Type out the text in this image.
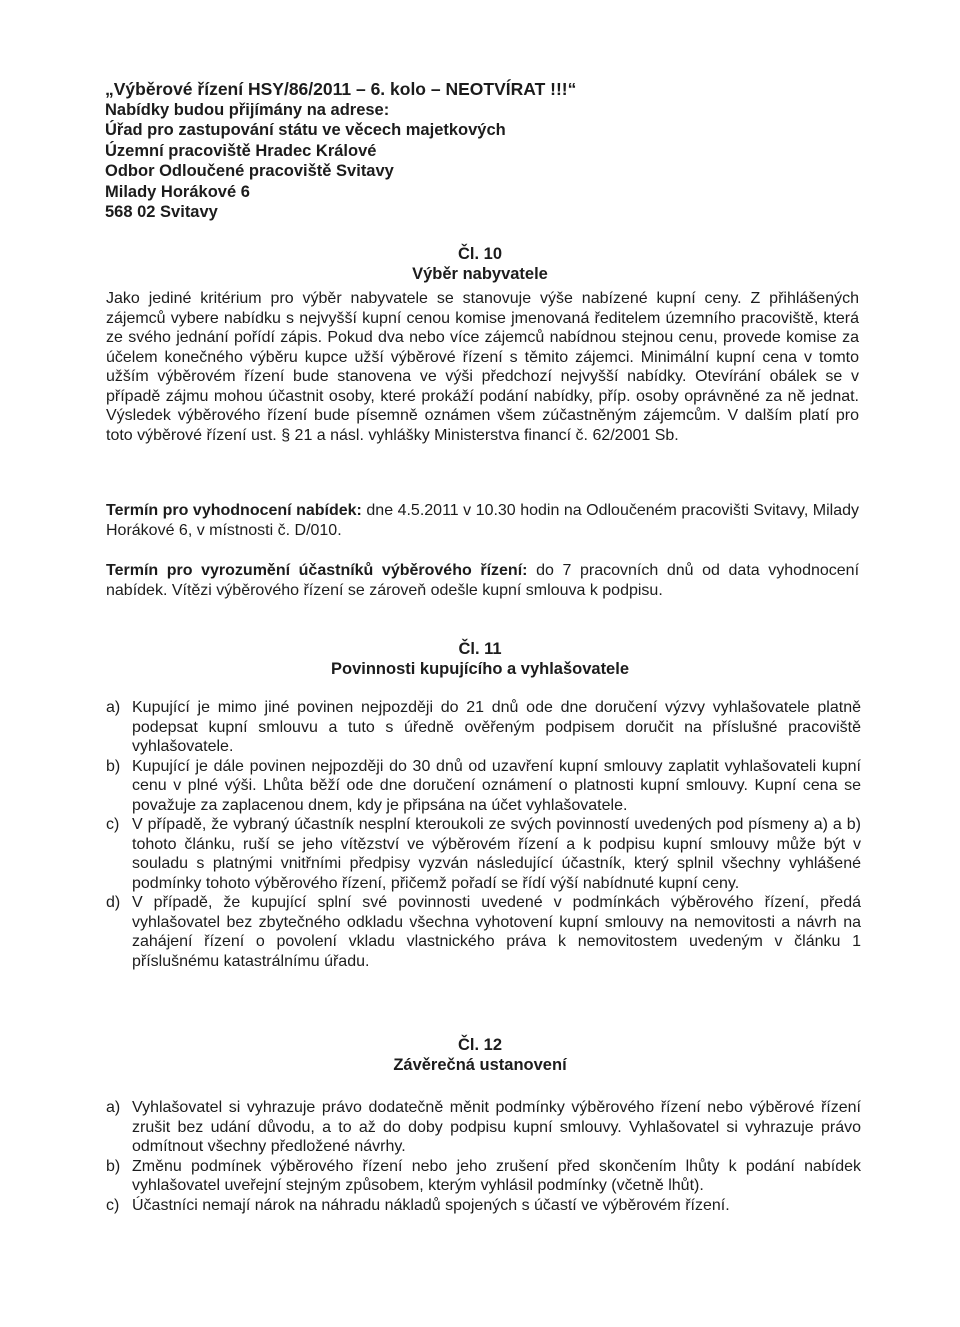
„Výběrové řízení HSY/86/2011 – 6. kolo – NEOTVÍRAT !!!“
Nabídky budou přijímány na adrese:
Úřad pro zastupování státu ve věcech majetkových
Územní pracoviště Hradec Králové
Odbor Odloučené pracoviště Svitavy
Milady Horákové 6
568 02 Svitavy
Čl. 10
Výběr nabyvatele

Jako jediné kritérium pro výběr nabyvatele se stanovuje výše nabízené kupní ceny. Z přihlášených zájemců vybere nabídku s nejvyšší kupní cenou komise jmenovaná ředitelem územního pracoviště, která ze svého jednání pořídí zápis. Pokud dva nebo více zájemců nabídnou stejnou cenu, provede komise za účelem konečného výběru kupce užší výběrové řízení s těmito zájemci. Minimální kupní cena v tomto užším výběrovém řízení bude stanovena ve výši předchozí nejvyšší nabídky. Otevírání obálek se v případě zájmu mohou účastnit osoby, které prokáží podání nabídky, příp. osoby oprávněné za ně jednat. Výsledek výběrového řízení bude písemně oznámen všem zúčastněným zájemcům. V dalším platí pro toto výběrové řízení ust. § 21 a násl. vyhlášky Ministerstva financí č. 62/2001 Sb.

Termín pro vyhodnocení nabídek: dne 4.5.2011 v 10.30 hodin na Odloučeném pracovišti Svitavy, Milady Horákové 6, v místnosti č. D/010.

Termín pro vyrozumění účastníků výběrového řízení: do 7 pracovních dnů od data vyhodnocení nabídek. Vítězi výběrového řízení se zároveň odešle kupní smlouva k podpisu.

Čl. 11
Povinnosti kupujícího a vyhlašovatele
a) Kupující je mimo jiné povinen nejpozději do 21 dnů ode dne doručení výzvy vyhlašovatele platně podepsat kupní smlouvu a tuto s úředně ověřeným podpisem doručit na příslušné pracoviště vyhlašovatele.
b) Kupující je dále povinen nejpozději do 30 dnů od uzavření kupní smlouvy zaplatit vyhlašovateli kupní cenu v plné výši. Lhůta běží ode dne doručení oznámení o platnosti kupní smlouvy. Kupní cena se považuje za zaplacenou dnem, kdy je připsána na účet vyhlašovatele.
c) V případě, že vybraný účastník nesplní kteroukoli ze svých povinností uvedených pod písmeny a) a b) tohoto článku, ruší se jeho vítězství ve výběrovém řízení a k podpisu kupní smlouvy může být v souladu s platnými vnitřními předpisy vyzván následující účastník, který splnil všechny vyhlášené podmínky tohoto výběrového řízení, přičemž pořadí se řídí výší nabídnuté kupní ceny.
d) V případě, že kupující splní své povinnosti uvedené v podmínkách výběrového řízení, předá vyhlašovatel bez zbytečného odkladu všechna vyhotovení kupní smlouvy na nemovitosti a návrh na zahájení řízení o povolení vkladu vlastnického práva k nemovitostem uvedeným v článku 1 příslušnému katastrálnímu úřadu.
Čl. 12
Závěrečná ustanovení
a) Vyhlašovatel si vyhrazuje právo dodatečně měnit podmínky výběrového řízení nebo výběrové řízení zrušit bez udání důvodu, a to až do doby podpisu kupní smlouvy. Vyhlašovatel si vyhrazuje právo odmítnout všechny předložené návrhy.
b) Změnu podmínek výběrového řízení nebo jeho zrušení před skončením lhůty k podání nabídek vyhlašovatel uveřejní stejným způsobem, kterým vyhlásil podmínky (včetně lhůt).
c) Účastníci nemají nárok na náhradu nákladů spojených s účastí ve výběrovém řízení.
